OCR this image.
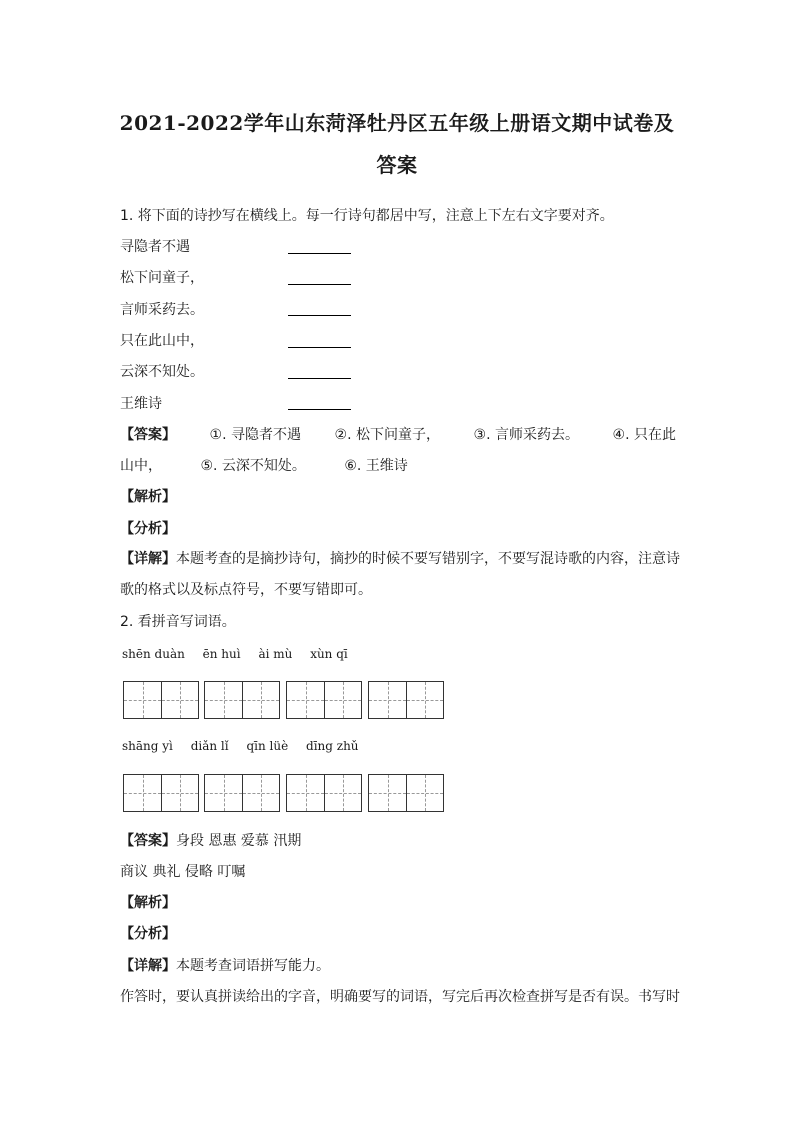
2021-2022学年山东菏泽牡丹区五年级上册语文期中试卷及
答案
1. 将下面的诗抄写在横线上。每一行诗句都居中写，注意上下左右文字要对齐。
寻隐者不遇
松下问童子，
言师采药去。
只在此山中，
云深不知处。
王维诗
【答案】 ①. 寻隐者不遇 ②. 松下问童子， ③. 言师采药去。 ④. 只在此
山中，	⑤. 云深不知处。	⑥. 王维诗
【解析】
【分析】
【详解】本题考查的是摘抄诗句，摘抄的时候不要写错别字，不要写混诗歌的内容，注意诗歌的格式以及标点符号，不要写错即可。
2. 看拼音写词语。
shēn duàn ēn huì ài mù xùn qī
shāng yì diǎn lǐ qīn lüè dīng zhǔ
【答案】身段 恩惠 爱慕 汛期
商议 典礼 侵略 叮嘱
【解析】
【分析】
【详解】本题考查词语拼写能力。
作答时，要认真拼读给出的字音，明确要写的词语，写完后再次检查拼写是否有误。书写时
